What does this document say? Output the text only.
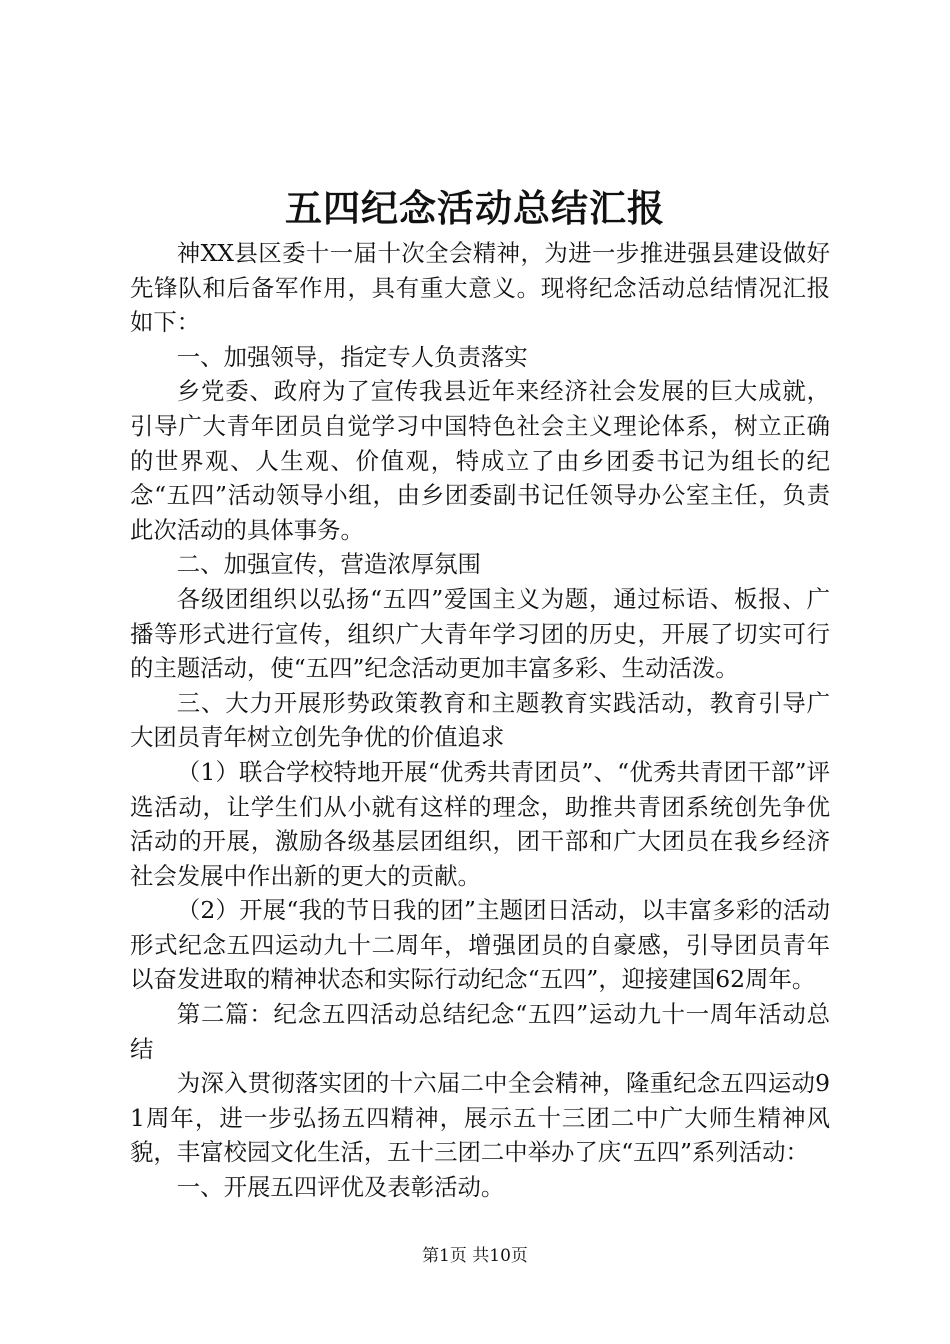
五四纪念活动总结汇报

神XX县区委十一届十次全会精神，为进一步推进强县建设做好先锋队和后备军作用，具有重大意义。现将纪念活动总结情况汇报如下：

一、加强领导，指定专人负责落实

乡党委、政府为了宣传我县近年来经济社会发展的巨大成就，引导广大青年团员自觉学习中国特色社会主义理论体系，树立正确的世界观、人生观、价值观，特成立了由乡团委书记为组长的纪念“五四”活动领导小组，由乡团委副书记任领导办公室主任，负责此次活动的具体事务。

二、加强宣传，营造浓厚氛围

各级团组织以弘扬“五四”爱国主义为题，通过标语、板报、广播等形式进行宣传，组织广大青年学习团的历史，开展了切实可行的主题活动，使“五四”纪念活动更加丰富多彩、生动活泼。

三、大力开展形势政策教育和主题教育实践活动，教育引导广大团员青年树立创先争优的价值追求

（1）联合学校特地开展“优秀共青团员”、“优秀共青团干部”评选活动，让学生们从小就有这样的理念，助推共青团系统创先争优活动的开展，激励各级基层团组织，团干部和广大团员在我乡经济社会发展中作出新的更大的贡献。

（2）开展“我的节日我的团”主题团日活动，以丰富多彩的活动形式纪念五四运动九十二周年，增强团员的自豪感，引导团员青年以奋发进取的精神状态和实际行动纪念“五四”，迎接建国62周年。

第二篇：纪念五四活动总结纪念“五四”运动九十一周年活动总结

为深入贯彻落实团的十六届二中全会精神，隆重纪念五四运动91周年，进一步弘扬五四精神，展示五十三团二中广大师生精神风貌，丰富校园文化生活，五十三团二中举办了庆“五四”系列活动：

一、开展五四评优及表彰活动。

第1页 共10页
